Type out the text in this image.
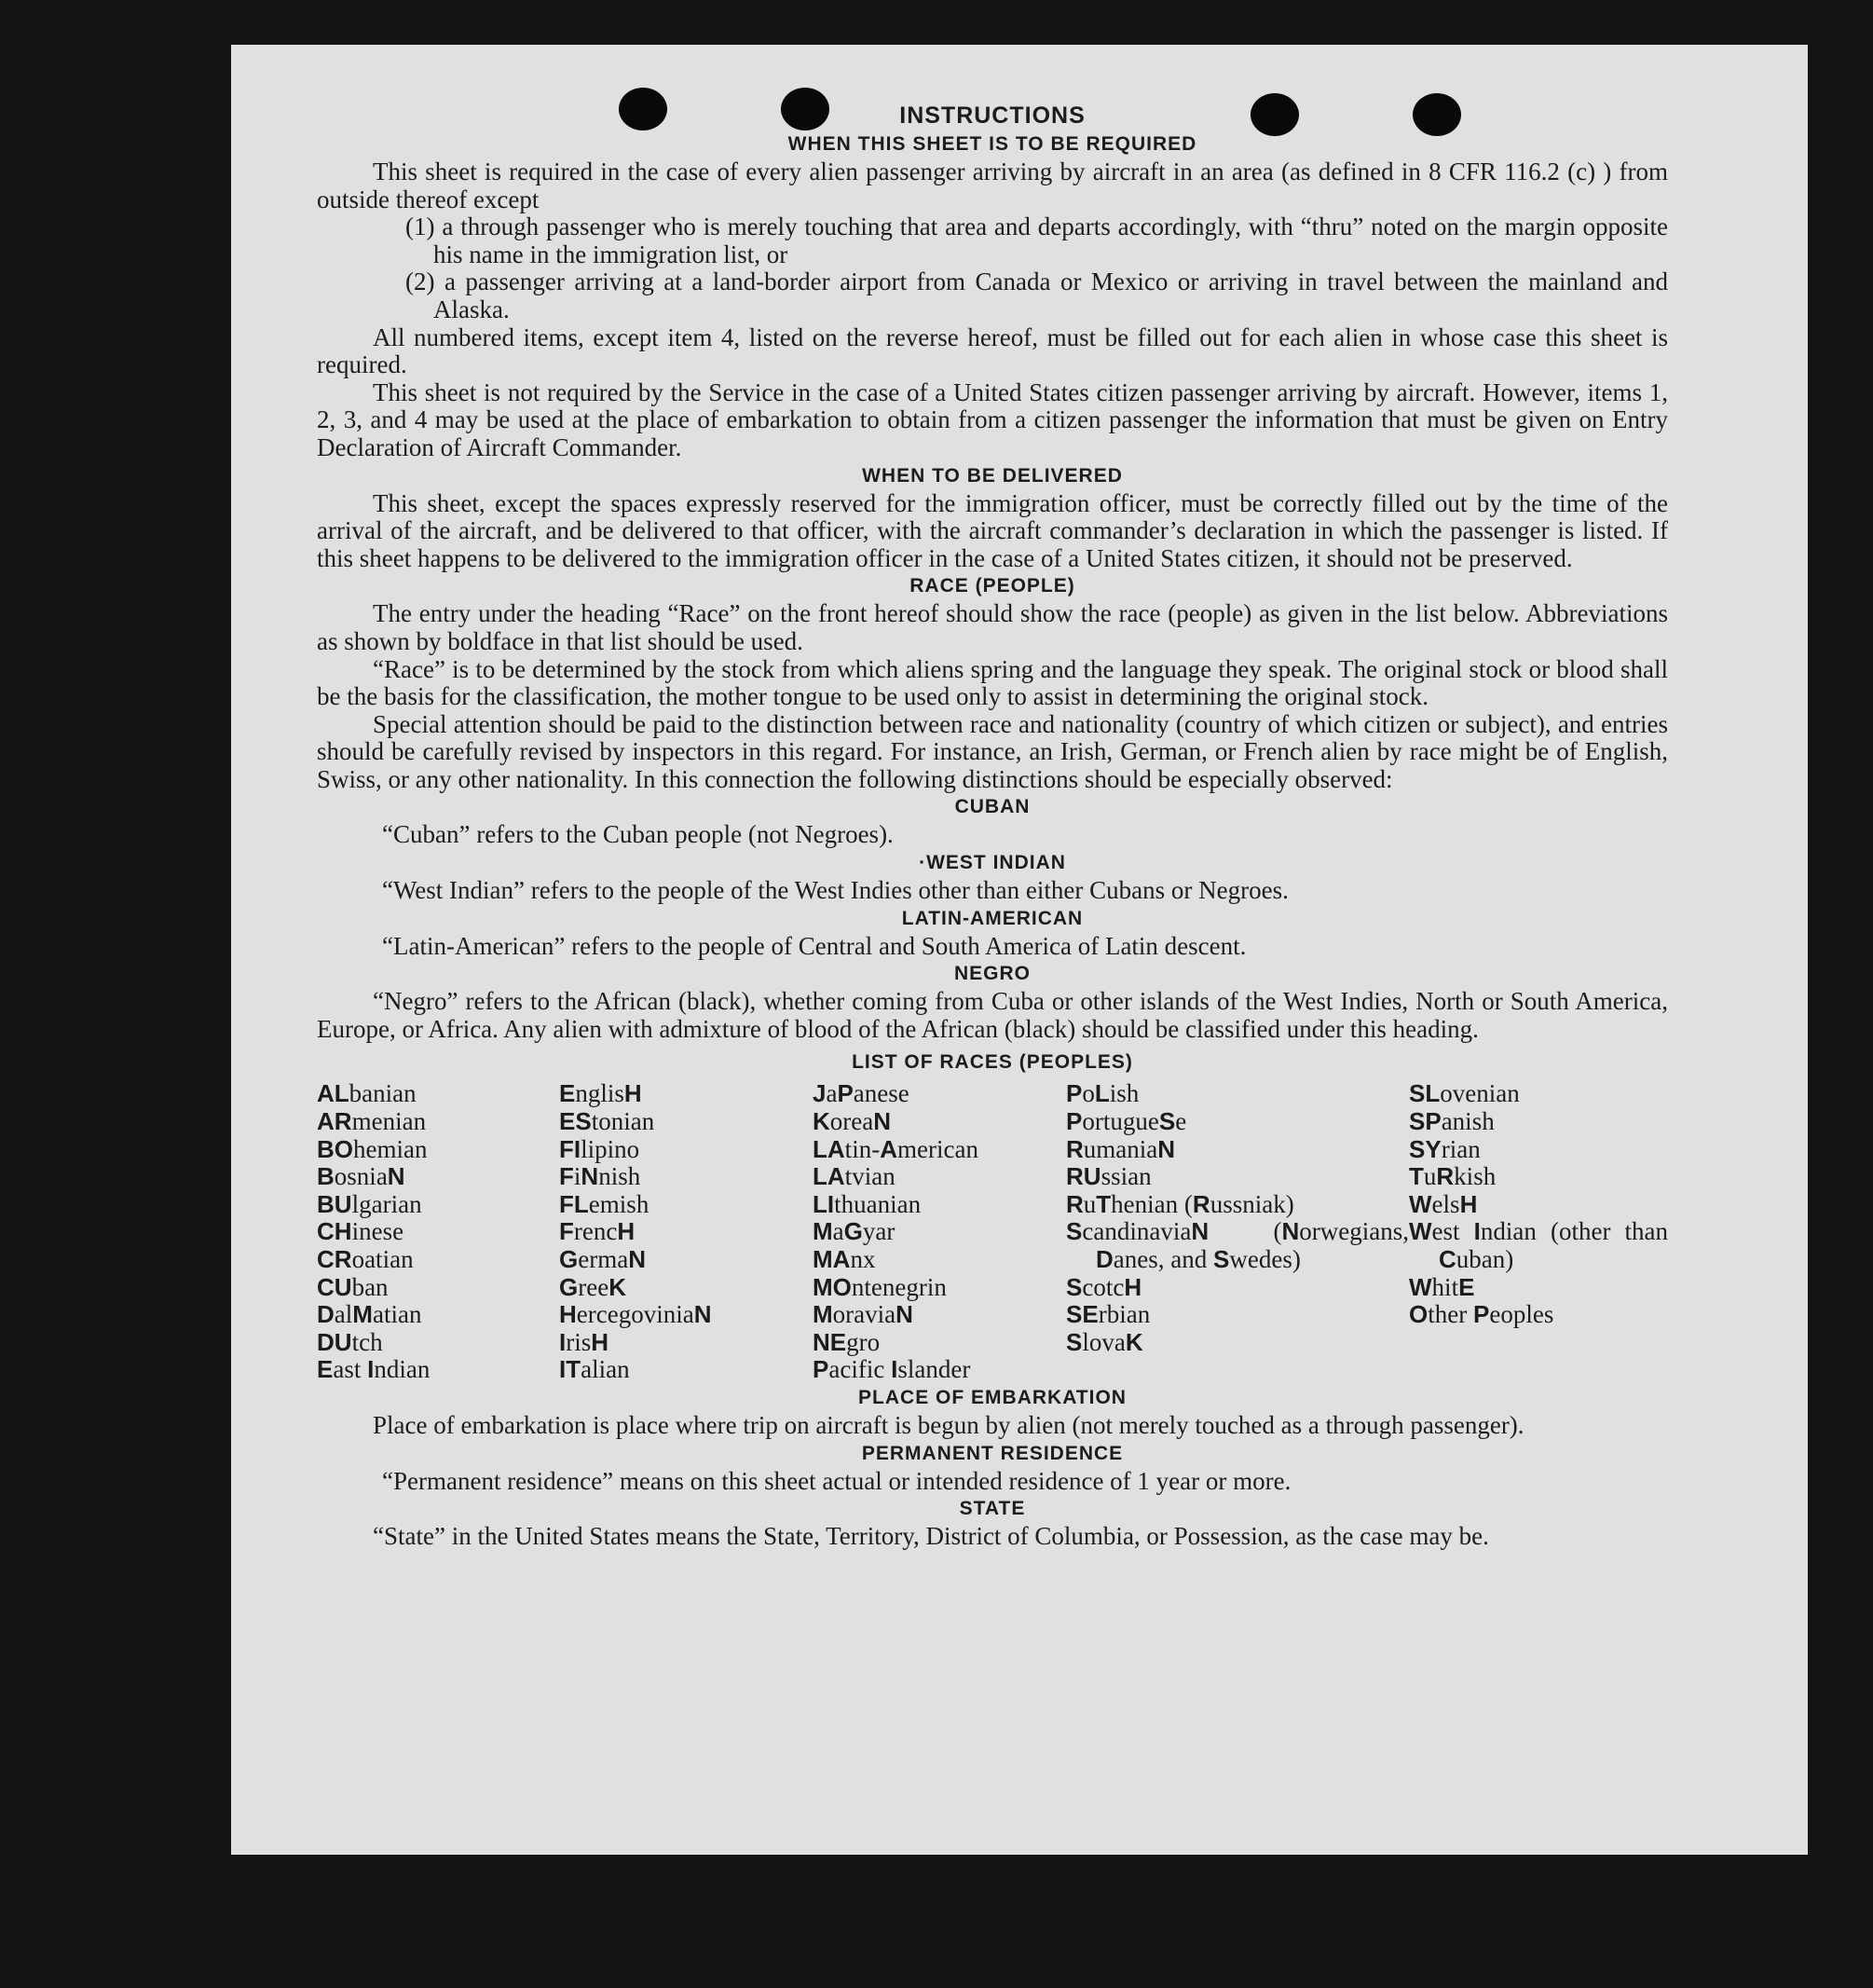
INSTRUCTIONS
WHEN THIS SHEET IS TO BE REQUIRED

This sheet is required in the case of every alien passenger arriving by aircraft in an area (as defined in 8 CFR 116.2 (c) ) from outside thereof except

(1) a through passenger who is merely touching that area and departs accordingly, with “thru” noted on the margin opposite his name in the immigration list, or
(2) a passenger arriving at a land-border airport from Canada or Mexico or arriving in travel between the mainland and Alaska.

All numbered items, except item 4, listed on the reverse hereof, must be filled out for each alien in whose case this sheet is required.

This sheet is not required by the Service in the case of a United States citizen passenger arriving by aircraft. However, items 1, 2, 3, and 4 may be used at the place of embarkation to obtain from a citizen passenger the information that must be given on Entry Declaration of Aircraft Commander.

WHEN TO BE DELIVERED

This sheet, except the spaces expressly reserved for the immigration officer, must be correctly filled out by the time of the arrival of the aircraft, and be delivered to that officer, with the aircraft commander’s declaration in which the passenger is listed. If this sheet happens to be delivered to the immigration officer in the case of a United States citizen, it should not be preserved.

RACE (PEOPLE)

The entry under the heading “Race” on the front hereof should show the race (people) as given in the list below. Abbreviations as shown by boldface in that list should be used.

“Race” is to be determined by the stock from which aliens spring and the language they speak. The original stock or blood shall be the basis for the classification, the mother tongue to be used only to assist in determining the original stock.

Special attention should be paid to the distinction between race and nationality (country of which citizen or subject), and entries should be carefully revised by inspectors in this regard. For instance, an Irish, German, or French alien by race might be of English, Swiss, or any other nationality. In this connection the following distinctions should be especially observed:

CUBAN
“Cuban” refers to the Cuban people (not Negroes).
·WEST INDIAN
“West Indian” refers to the people of the West Indies other than either Cubans or Negroes.
LATIN-AMERICAN
“Latin-American” refers to the people of Central and South America of Latin descent.
NEGRO

“Negro” refers to the African (black), whether coming from Cuba or other islands of the West Indies, North or South America, Europe, or Africa. Any alien with admixture of blood of the African (black) should be classified under this heading.

LIST OF RACES (PEOPLES)
ALbanian
ARmenian
BOhemian
BosniaN
BUlgarian
CHinese
CRoatian
CUban
DalMatian
DUtch
East Indian
EnglisH
EStonian
FIlipino
FiNnish
FLemish
FrencH
GermaN
GreeK
HercegoviniaN
IrisH
ITalian
JaPanese
KoreaN
LAtin-American
LAtvian
LIthuanian
MaGyar
MAnx
MOntenegrin
MoraviaN
NEgro
Pacific Islander
PoLish
PortugueSe
RumaniaN
RUssian
RuThenian (Russniak)
ScandinaviaN	(Norwegians, Danes, and Swedes)
ScotcH
SErbian
SlovaK
SLovenian
SPanish
SYrian
TuRkish
WelsH
West Indian (other than Cuban)
WhitE
Other Peoples
PLACE OF EMBARKATION

Place of embarkation is place where trip on aircraft is begun by alien (not merely touched as a through passenger).

PERMANENT RESIDENCE
“Permanent residence” means on this sheet actual or intended residence of 1 year or more.
STATE

“State” in the United States means the State, Territory, District of Columbia, or Possession, as the case may be.
